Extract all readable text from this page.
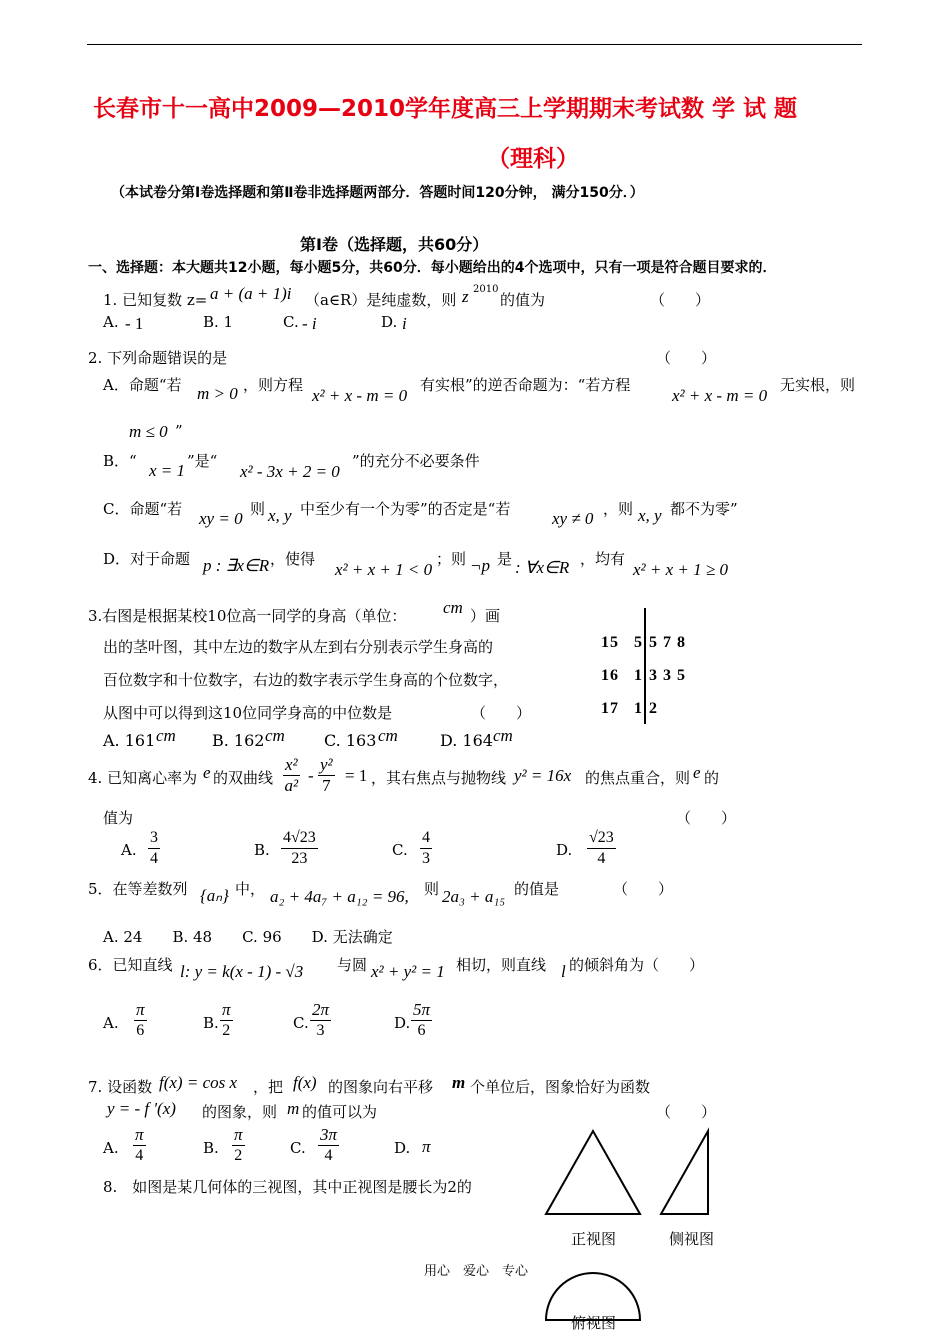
长春市十一高中2009—2010学年度高三上学期期末考试数 学 试 题
（理科）
（本试卷分第Ⅰ卷选择题和第Ⅱ卷非选择题两部分．答题时间120分钟， 满分150分．）
第Ⅰ卷（选择题，共60分）
一、选择题：本大题共12小题，每小题5分，共60分．每小题给出的4个选项中，只有一项是符合题目要求的．
1. 已知复数 z= a + (a + 1)i （a∈R）是纯虚数，则 z 2010
的值为	（　　）
A. - 1	B. 1	C. - i	D. i
2. 下列命题错误的是	（　　）
A．命题“若 m > 0 ，则方程
x² + x - m = 0
有实根”的逆否命题为：“若方程
x² + x - m = 0
无实根，则
m ≤ 0 ”
B．“ x = 1 ”是“
x² - 3x + 2 = 0
”的充分不必要条件
C．命题“若 xy = 0 则 x, y 中至少有一个为零”的否定是“若 xy ≠ 0 ，则 x, y 都不为零”
D．对于命题 p : ∃x∈R ，使得
x² + x + 1 < 0
；则 ¬p 是 : ∀x∈R ，均有
x² + x + 1 ≥ 0
3.右图是根据某校10位高一同学的身高（单位： cm ）画
出的茎叶图，其中左边的数字从左到右分别表示学生身高的
百位数字和十位数字，右边的数字表示学生身高的个位数字，
从图中可以得到这10位同学身高的中位数是	（　　）
A. 161 cm B. 162 cm C. 163 cm	D. 164 cm
15 5 5 7 8
16 1 3 3 5
17 1 2
4. 已知离心率为 e 的双曲线 $\frac{\text{x²}}{\text{a²}} - \frac{\text{y²}}{7} = 1$ ，其右焦点与抛物线 y² = 16x 的焦点重合，则 e 的
值为	（　　）
A. $\frac{3}{4}$	B. $\frac{4√23}{23}$	C. $\frac{4}{3}$	D. $\frac{√23}{4}$
5．在等差数列 {aₙ} 中， a₂ + 4a₇ + a₁₂ = 96, 则 2a₃ + a₁₅ 的值是	（　　）
A. 24　　B. 48　　C. 96　　D. 无法确定
6．已知直线 l: y = k(x - 1) - √3 与圆 x² + y² = 1 相切，则直线 l 的倾斜角为（　　）
A. $\frac{\pi}{6}$	B. $\frac{\pi}{2}$	C. $\frac{2\pi}{3}$	D. $\frac{5\pi}{6}$
7. 设函数 f(x) = cos x ，把 f(x) 的图象向右平移 m 个单位后，图象恰好为函数
y = - f '(x) 的图象，则 m 的值可以为	（　　）
A. $\frac{\pi}{4}$	B. $\frac{\pi}{2}$	C. $\frac{3\pi}{4}$	D. π
8.　如图是某几何体的三视图，其中正视图是腰长为2的
正视图	侧视图
俯视图
用心　爱心　专心
